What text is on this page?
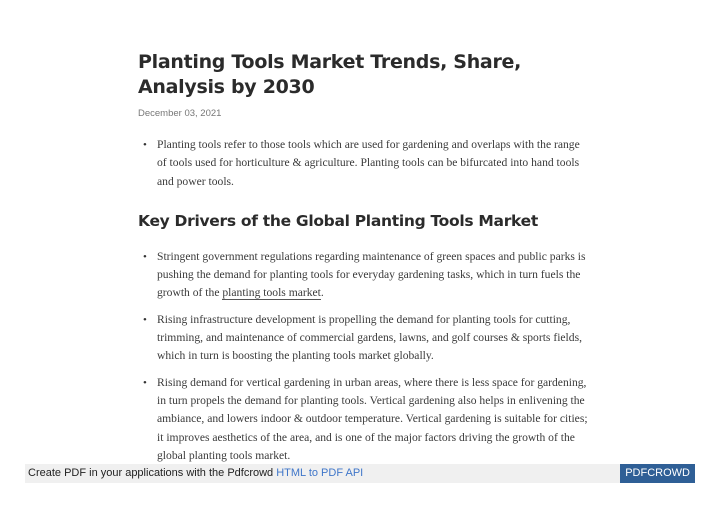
Planting Tools Market Trends, Share, Analysis by 2030
December 03, 2021
• Planting tools refer to those tools which are used for gardening and overlaps with the range of tools used for horticulture & agriculture. Planting tools can be bifurcated into hand tools and power tools.
Key Drivers of the Global Planting Tools Market
• Stringent government regulations regarding maintenance of green spaces and public parks is pushing the demand for planting tools for everyday gardening tasks, which in turn fuels the growth of the planting tools market.
• Rising infrastructure development is propelling the demand for planting tools for cutting, trimming, and maintenance of commercial gardens, lawns, and golf courses & sports fields, which in turn is boosting the planting tools market globally.
• Rising demand for vertical gardening in urban areas, where there is less space for gardening, in turn propels the demand for planting tools. Vertical gardening also helps in enlivening the ambiance, and lowers indoor & outdoor temperature. Vertical gardening is suitable for cities; it improves aesthetics of the area, and is one of the major factors driving the growth of the global planting tools market.
Create PDF in your applications with the Pdfcrowd HTML to PDF API	PDFCROWD
